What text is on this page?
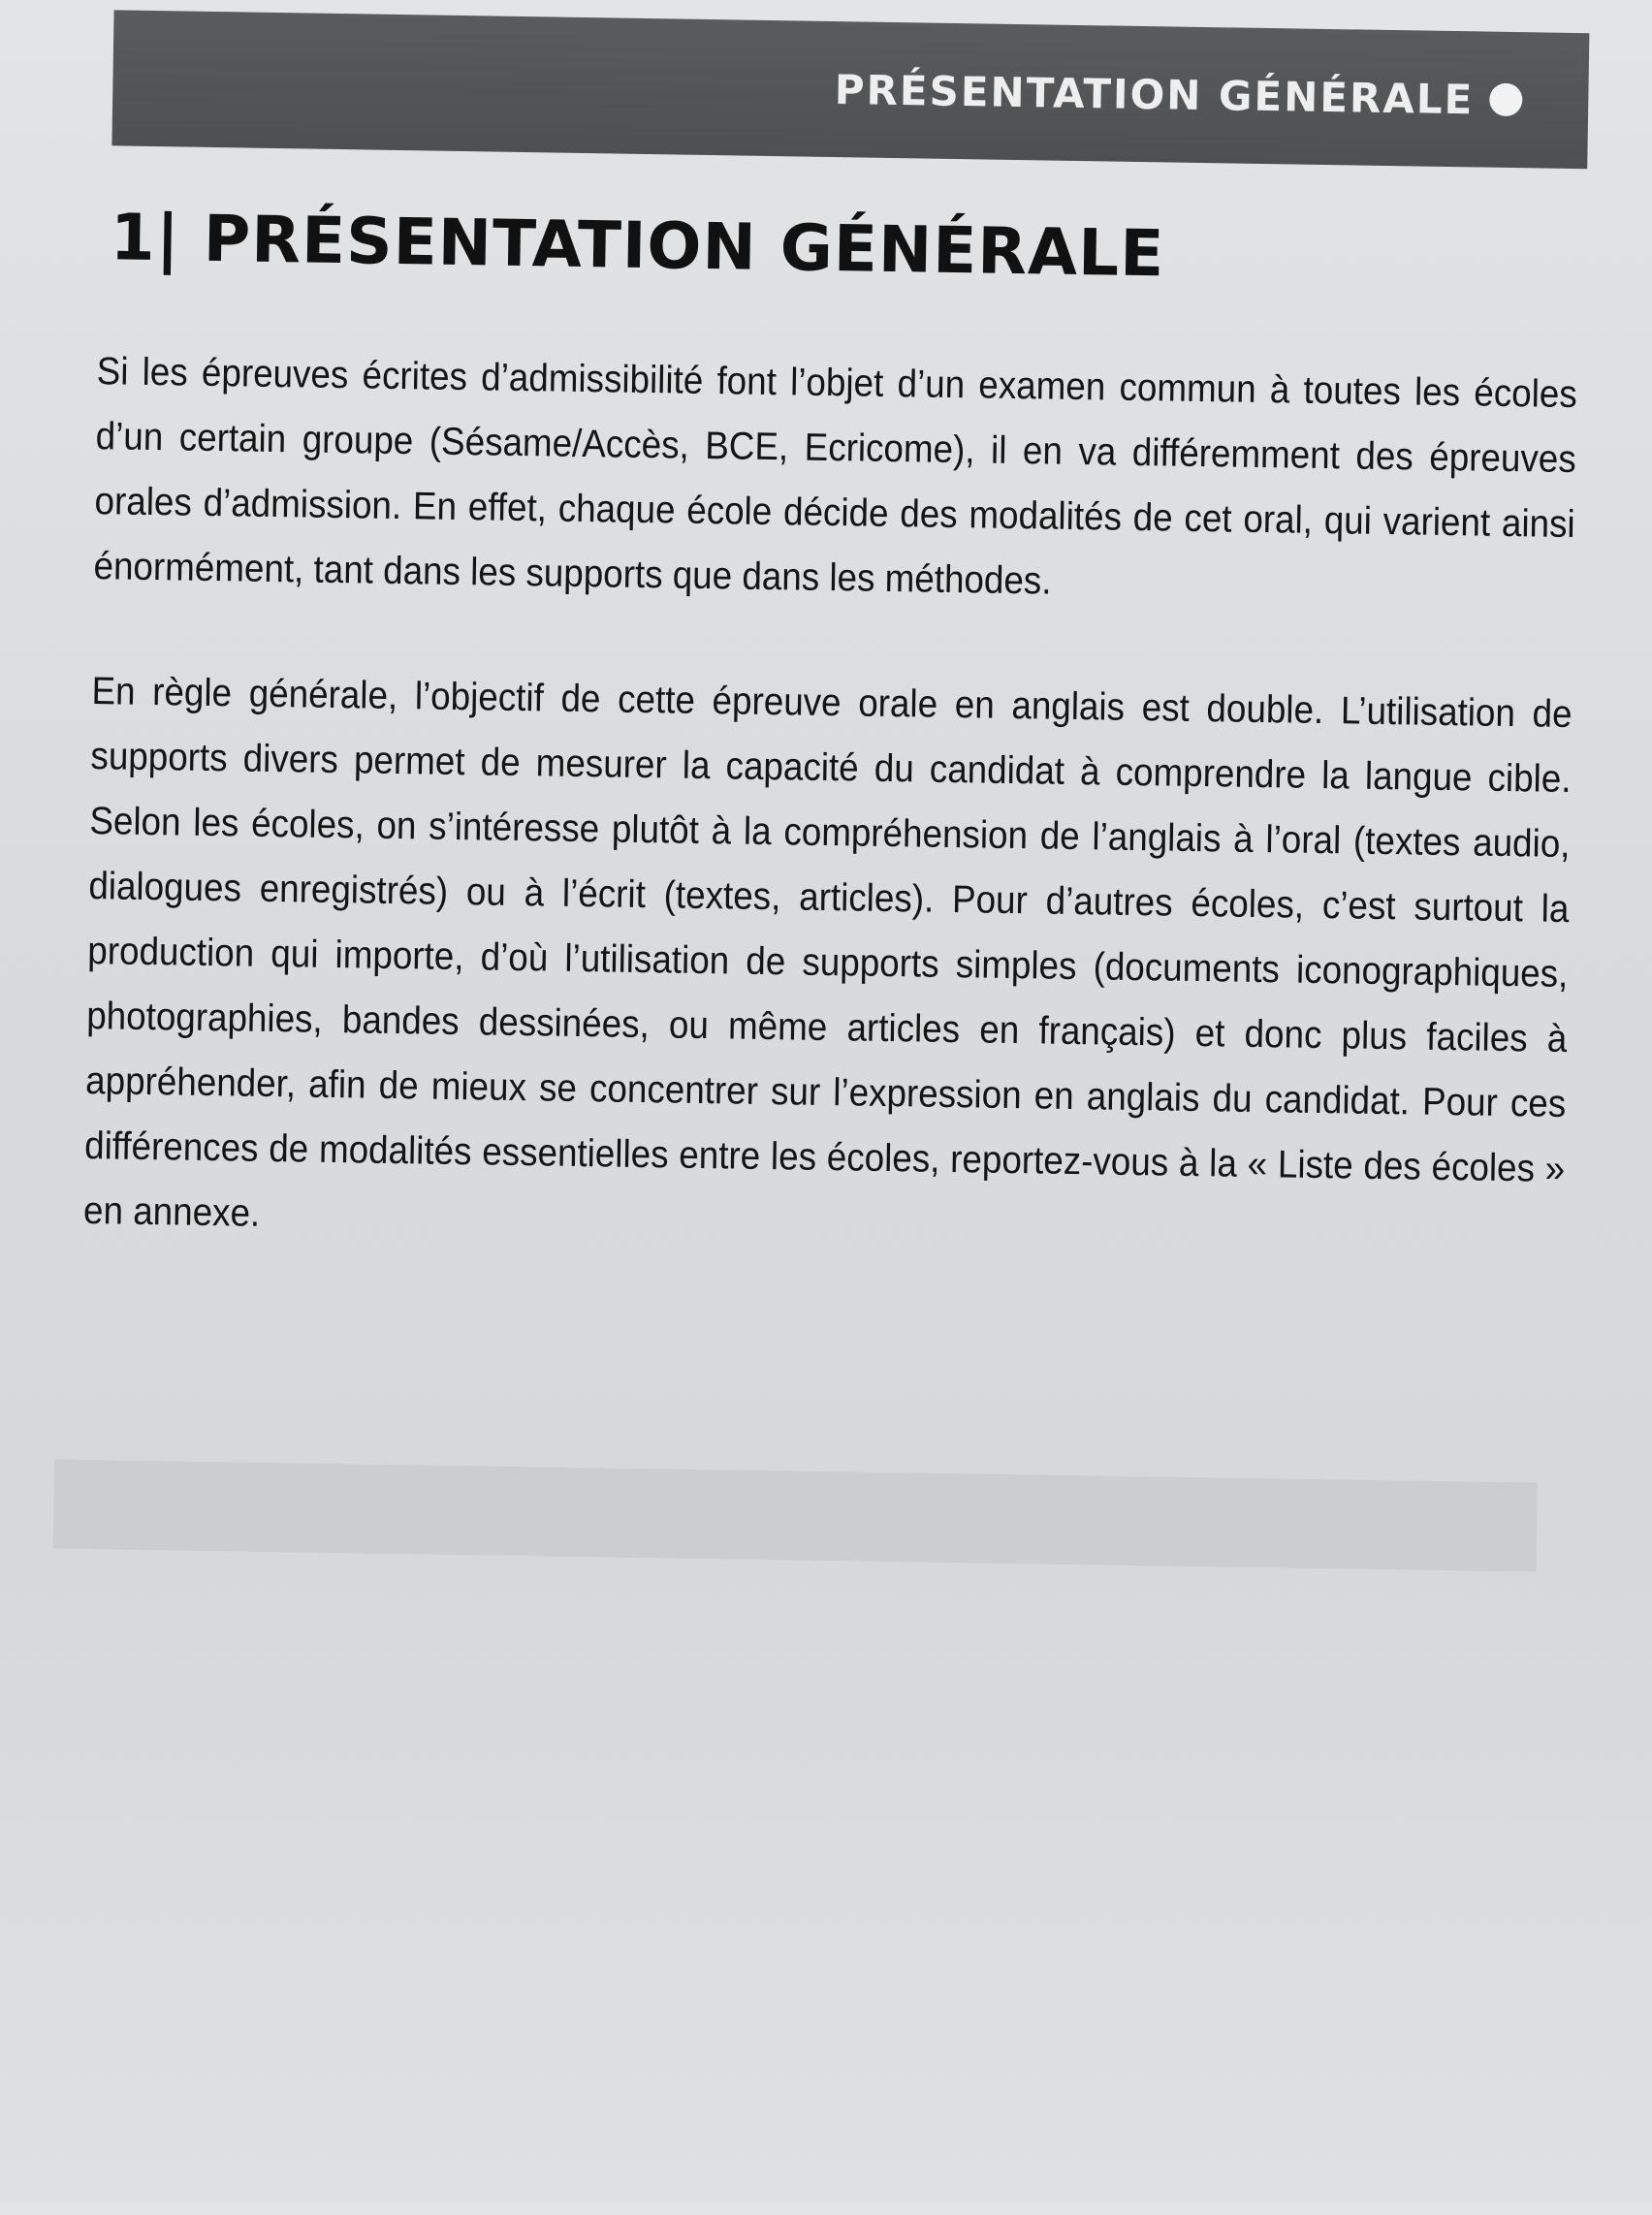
PRÉSENTATION GÉNÉRALE
1| PRÉSENTATION GÉNÉRALE

Si les épreuves écrites d’admissibilité font l’objet d’un examen commun à toutes les écoles d’un certain groupe (Sésame/Accès, BCE, Ecricome), il en va différemment des épreuves orales d’admission. En effet, chaque école décide des modalités de cet oral, qui varient ainsi énormément, tant dans les supports que dans les méthodes.

En règle générale, l’objectif de cette épreuve orale en anglais est double. L’utilisation de supports divers permet de mesurer la capacité du candidat à comprendre la langue cible. Selon les écoles, on s’intéresse plutôt à la compréhension de l’anglais à l’oral (textes audio, dialogues enregistrés) ou à l’écrit (textes, articles). Pour d’autres écoles, c’est surtout la production qui importe, d’où l’utilisation de supports simples (documents iconographiques, photographies, bandes dessinées, ou même articles en français) et donc plus faciles à appréhender, afin de mieux se concentrer sur l’expression en anglais du candidat. Pour ces différences de modalités essentielles entre les écoles, reportez-vous à la « Liste des écoles » en annexe.
